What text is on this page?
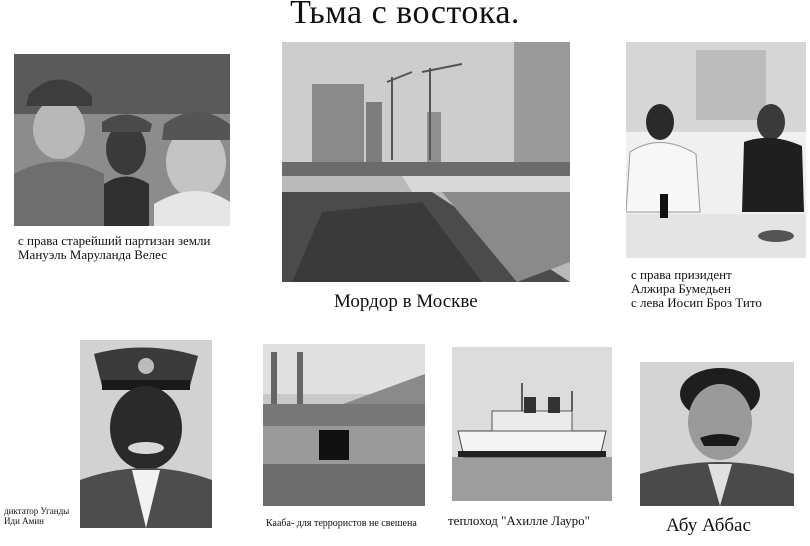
Тьма с востока.
с права старейший партизан земли
Мануэль Маруланда Велес
Мордор в Москве
с права призидент
Алжира Бумедьен
с лева Иосип Броз Тито
диктатор Уганды
Иди Амин	Кааба- для террористов не свешена теплоход "Ахилле Лауро"	Абу Аббас
